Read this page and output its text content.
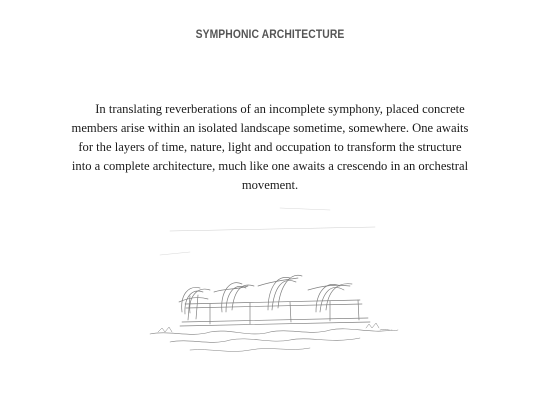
SYMPHONIC ARCHITECTURE
In translating reverberations of an incomplete symphony, placed concrete members arise within an isolated landscape sometime, somewhere. One awaits for the layers of time, nature, light and occupation to transform the structure into a complete architecture, much like one awaits a crescendo in an orchestral movement.
